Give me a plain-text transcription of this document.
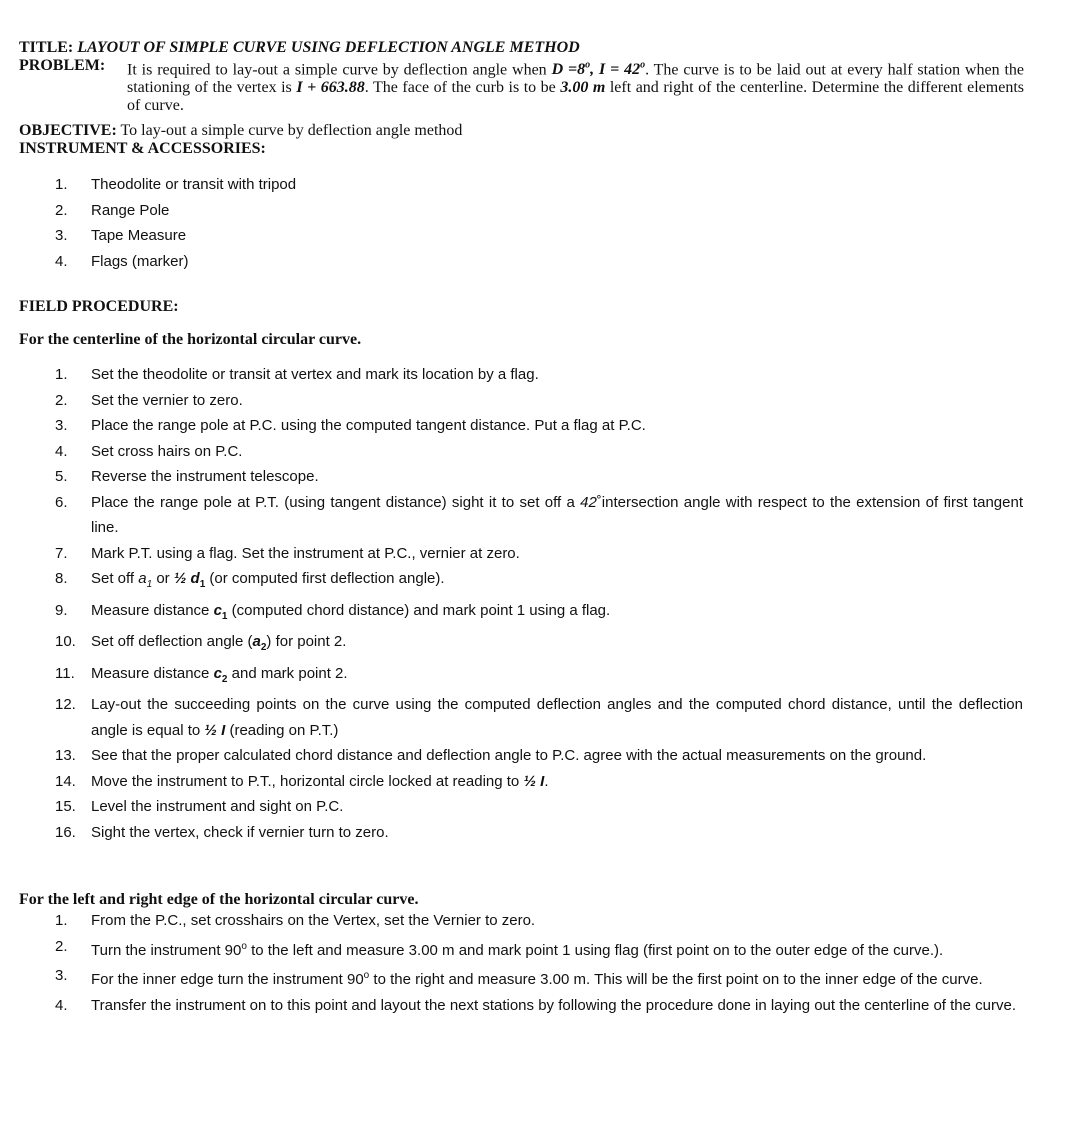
TITLE: LAYOUT OF SIMPLE CURVE USING DEFLECTION ANGLE METHOD
PROBLEM: It is required to lay-out a simple curve by deflection angle when $D =8^o$, $I = 42^o$. The curve is to be laid out at every half station when the stationing of the vertex is I + 663.88. The face of the curb is to be 3.00 m left and right of the centerline. Determine the different elements of curve.
OBJECTIVE: To lay-out a simple curve by deflection angle method
INSTRUMENT & ACCESSORIES:
1. Theodolite or transit with tripod
2. Range Pole
3. Tape Measure
4. Flags (marker)
FIELD PROCEDURE:
For the centerline of the horizontal circular curve.
1. Set the theodolite or transit at vertex and mark its location by a flag.
2. Set the vernier to zero.
3. Place the range pole at P.C. using the computed tangent distance. Put a flag at P.C.
4. Set cross hairs on P.C.
5. Reverse the instrument telescope.
6. Place the range pole at P.T. (using tangent distance) sight it to set off a 42˚intersection angle with respect to the extension of first tangent line.
7. Mark P.T. using a flag. Set the instrument at P.C., vernier at zero.
8. Set off $a_1$ or ½ $d_1$ (or computed first deflection angle).
9. Measure distance $c_1$ (computed chord distance) and mark point 1 using a flag.
10. Set off deflection angle $(a_2)$ for point 2.
11. Measure distance $c_2$ and mark point 2.
12. Lay-out the succeeding points on the curve using the computed deflection angles and the computed chord distance, until the deflection angle is equal to ½ I (reading on P.T.)
13. See that the proper calculated chord distance and deflection angle to P.C. agree with the actual measurements on the ground.
14. Move the instrument to P.T., horizontal circle locked at reading to ½ I.
15. Level the instrument and sight on P.C.
16. Sight the vertex, check if vernier turn to zero.
For the left and right edge of the horizontal circular curve.
1. From the P.C., set crosshairs on the Vertex, set the Vernier to zero.
2. Turn the instrument 90$^o$ to the left and measure 3.00 m and mark point 1 using flag (first point on to the outer edge of the curve.).
3. For the inner edge turn the instrument 90$^o$ to the right and measure 3.00 m. This will be the first point on to the inner edge of the curve.
4. Transfer the instrument on to this point and layout the next stations by following the procedure done in laying out the centerline of the curve.
